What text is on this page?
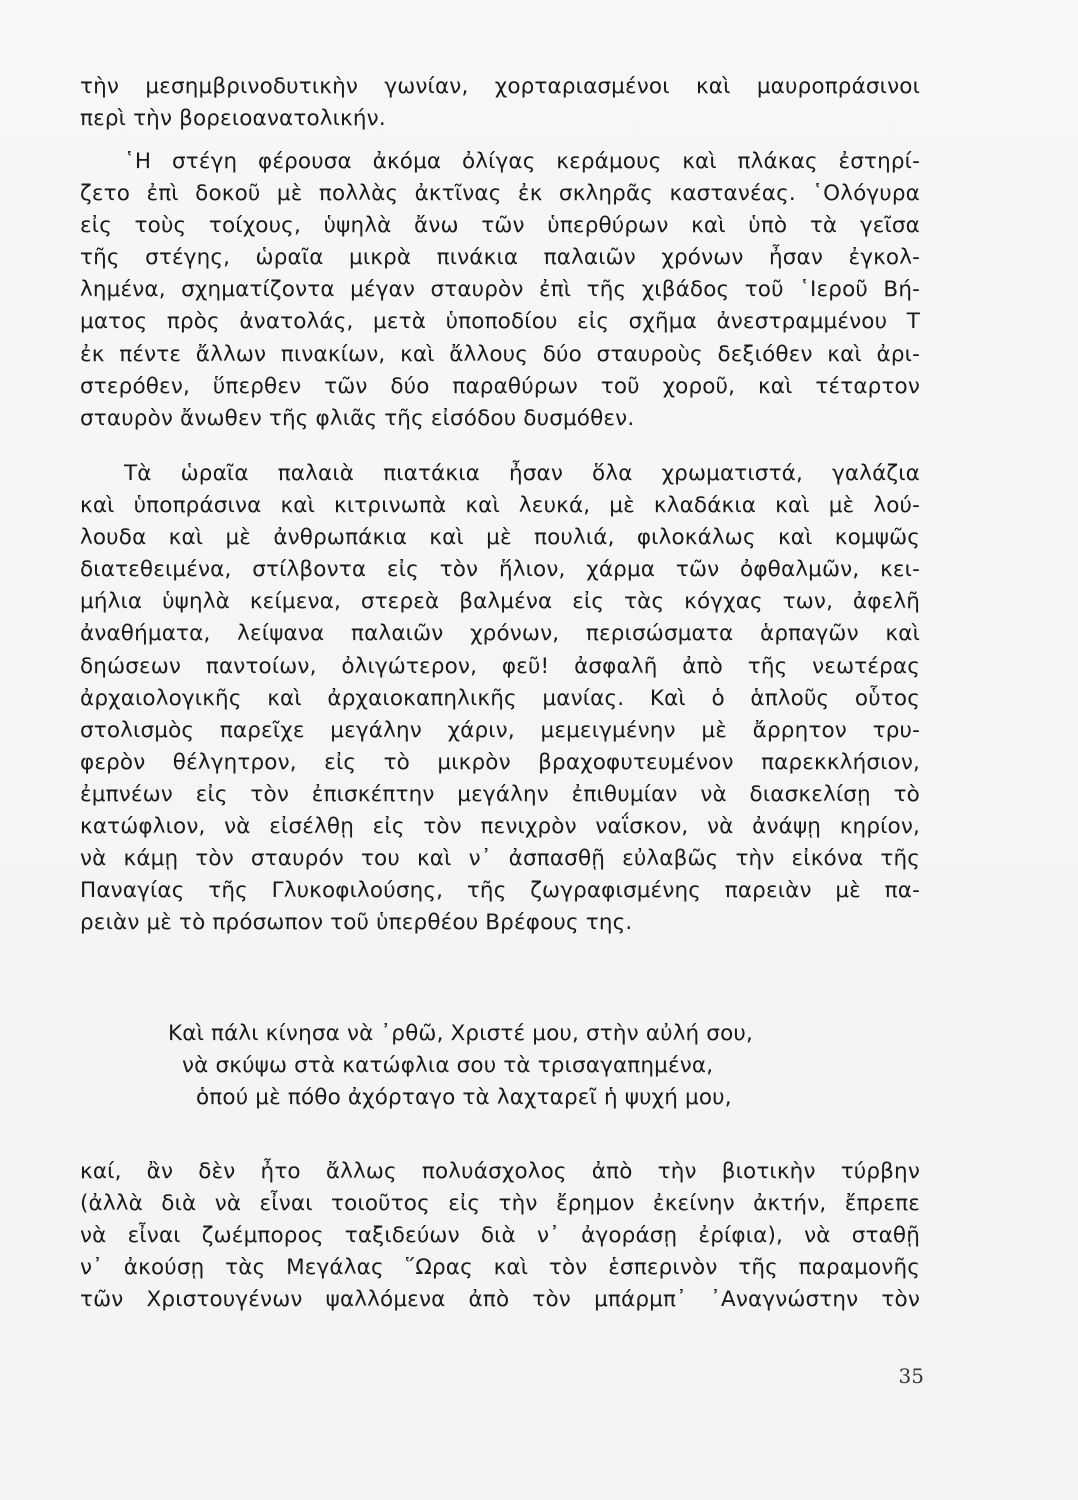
τὴν μεσημβρινοδυτικὴν γωνίαν, χορταριασμένοι καὶ μαυροπράσινοι
περὶ τὴν βορειοανατολικήν.
῾Η στέγη φέρουσα ἀκόμα ὀλίγας κεράμους καὶ πλάκας ἐστηρί-
ζετο ἐπὶ δοκοῦ μὲ πολλὰς ἀκτῖνας ἐκ σκληρᾶς καστανέας. ῾Ολόγυρα
εἰς τοὺς τοίχους, ὑψηλὰ ἄνω τῶν ὑπερθύρων καὶ ὑπὸ τὰ γεῖσα
τῆς στέγης, ὡραῖα μικρὰ πινάκια παλαιῶν χρόνων ἦσαν ἐγκολ-
λημένα, σχηματίζοντα μέγαν σταυρὸν ἐπὶ τῆς χιβάδος τοῦ ῾Ιεροῦ Βή-
ματος πρὸς ἀνατολάς, μετὰ ὑποποδίου εἰς σχῆμα ἀνεστραμμένου Τ
ἐκ πέντε ἄλλων πινακίων, καὶ ἄλλους δύο σταυροὺς δεξιόθεν καὶ ἀρι-
στερόθεν, ὕπερθεν τῶν δύο παραθύρων τοῦ χοροῦ, καὶ τέταρτον
σταυρὸν ἄνωθεν τῆς φλιᾶς τῆς εἰσόδου δυσμόθεν.
Τὰ ὡραῖα παλαιὰ πιατάκια ἦσαν ὅλα χρωματιστά, γαλάζια
καὶ ὑποπράσινα καὶ κιτρινωπὰ καὶ λευκά, μὲ κλαδάκια καὶ μὲ λού-
λουδα καὶ μὲ ἀνθρωπάκια καὶ μὲ πουλιά, φιλοκάλως καὶ κομψῶς
διατεθειμένα, στίλβοντα εἰς τὸν ἥλιον, χάρμα τῶν ὀφθαλμῶν, κει-
μήλια ὑψηλὰ κείμενα, στερεὰ βαλμένα εἰς τὰς κόγχας των, ἀφελῆ
ἀναθήματα, λείψανα παλαιῶν χρόνων, περισώσματα ἁρπαγῶν καὶ
δηώσεων παντοίων, ὀλιγώτερον, φεῦ! ἀσφαλῆ ἀπὸ τῆς νεωτέρας
ἀρχαιολογικῆς καὶ ἀρχαιοκαπηλικῆς μανίας. Καὶ ὁ ἁπλοῦς οὗτος
στολισμὸς παρεῖχε μεγάλην χάριν, μεμειγμένην μὲ ἄρρητον τρυ-
φερὸν θέλγητρον, εἰς τὸ μικρὸν βραχοφυτευμένον παρεκκλήσιον,
ἐμπνέων εἰς τὸν ἐπισκέπτην μεγάλην ἐπιθυμίαν νὰ διασκελίσῃ τὸ
κατώφλιον, νὰ εἰσέλθῃ εἰς τὸν πενιχρὸν ναΐσκον, νὰ ἀνάψῃ κηρίον,
νὰ κάμῃ τὸν σταυρόν του καὶ ν᾽ ἀσπασθῇ εὐλαβῶς τὴν εἰκόνα τῆς
Παναγίας τῆς Γλυκοφιλούσης, τῆς ζωγραφισμένης παρειὰν μὲ πα-
ρειὰν μὲ τὸ πρόσωπον τοῦ ὑπερθέου Βρέφους της.
Καὶ πάλι κίνησα νὰ ᾽ρθῶ, Χριστέ μου, στὴν αὐλή σου,
νὰ σκύψω στὰ κατώφλια σου τὰ τρισαγαπημένα,
ὁπού μὲ πόθο ἀχόρταγο τὰ λαχταρεῖ ἡ ψυχή μου,
καί, ἂν δὲν ἦτο ἄλλως πολυάσχολος ἀπὸ τὴν βιοτικὴν τύρβην
(ἀλλὰ διὰ νὰ εἶναι τοιοῦτος εἰς τὴν ἔρημον ἐκείνην ἀκτήν, ἔπρεπε
νὰ εἶναι ζωέμπορος ταξιδεύων διὰ ν᾽ ἀγοράσῃ ἐρίφια), νὰ σταθῇ
ν᾽ ἀκούσῃ τὰς Μεγάλας ῞Ωρας καὶ τὸν ἑσπερινὸν τῆς παραμονῆς
τῶν Χριστουγένων ψαλλόμενα ἀπὸ τὸν μπάρμπ᾽ ᾽Αναγνώστην τὸν
35
